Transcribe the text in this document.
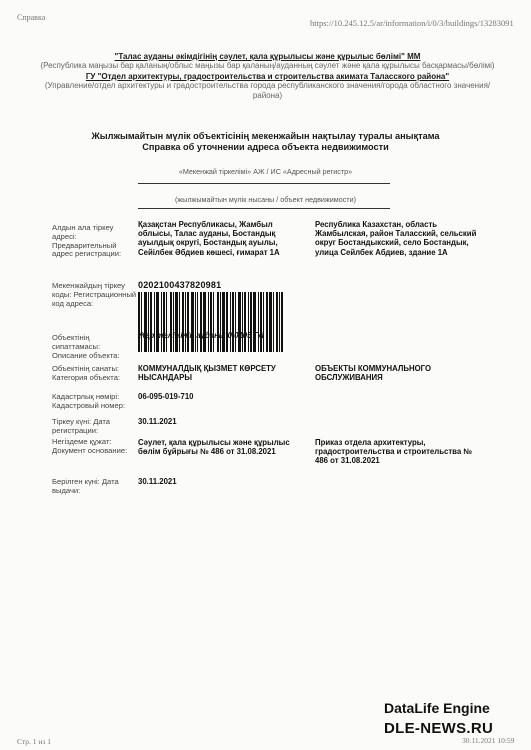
Справка
https://10.245.12.5/ar/information/i/0/3/buildings/13283091
"Талас ауданы әкімдігінің сәулет, қала құрылысы және құрылыс бөлімі" ММ
(Республика маңызы бар қаланың/облыс маңызы бар қаланың/ауданның сәулет және қала құрылысы басқармасы/бөлімі)
ГУ "Отдел архитектуры, градостроительства и строительства акимата Таласского района"
(Управление/отдел архитектуры и градостроительства города республиканского значения/города областного значения/района)
Жылжымайтын мүлік объектісінің мекенжайын нақтылау туралы анықтама
Справка об уточнении адреса объекта недвижимости
«Мекенжай тіркелімі» АЖ / ИС «Адресный регистр»
(жылжымайтын мүлік нысаны / объект недвижимости)
Алдын ала тіркеу адресі: Предварительный адрес регистрации:
Қазақстан Республикасы, Жамбыл облысы, Талас ауданы, Бостандық ауылдық округі, Бостандық ауылы, Сейілбек Әбдиев көшесі, ғимарат 1А
Республика Казахстан, область Жамбылская, район Таласский, сельский округ Бостандыкский, село Бостандык, улица Сейлбек Абдиев, здание 1А
Мекенжайдың тіркеу коды: Регистрационный код адреса:
0202100437820981
Объектінің сипаттамасы: Описание объекта:
Жер телімінің ауданы 0,0105 ГА
Объектінің санаты: Категория объекта:
КОММУНАЛДЫҚ ҚЫЗМЕТ КӨРСЕТУ НЫСАНДАРЫ
ОБЪЕКТЫ КОММУНАЛЬНОГО ОБСЛУЖИВАНИЯ
Кадастрлық нөмірі: Кадастровый номер:
06-095-019-710
Тіркеу күні: Дата регистрации:
30.11.2021
Негіздеме құжат: Документ основание:
Сәулет, қала құрылысы және құрылыс бөлім бұйрығы № 486 от 31.08.2021
Приказ отдела архитектуры, градостроительства и строительства № 486 от 31.08.2021
Берілген күні: Дата выдачи:
30.11.2021
DataLife Engine
DLE-NEWS.RU
Стр. 1 из 1	30.11.2021 10:59
